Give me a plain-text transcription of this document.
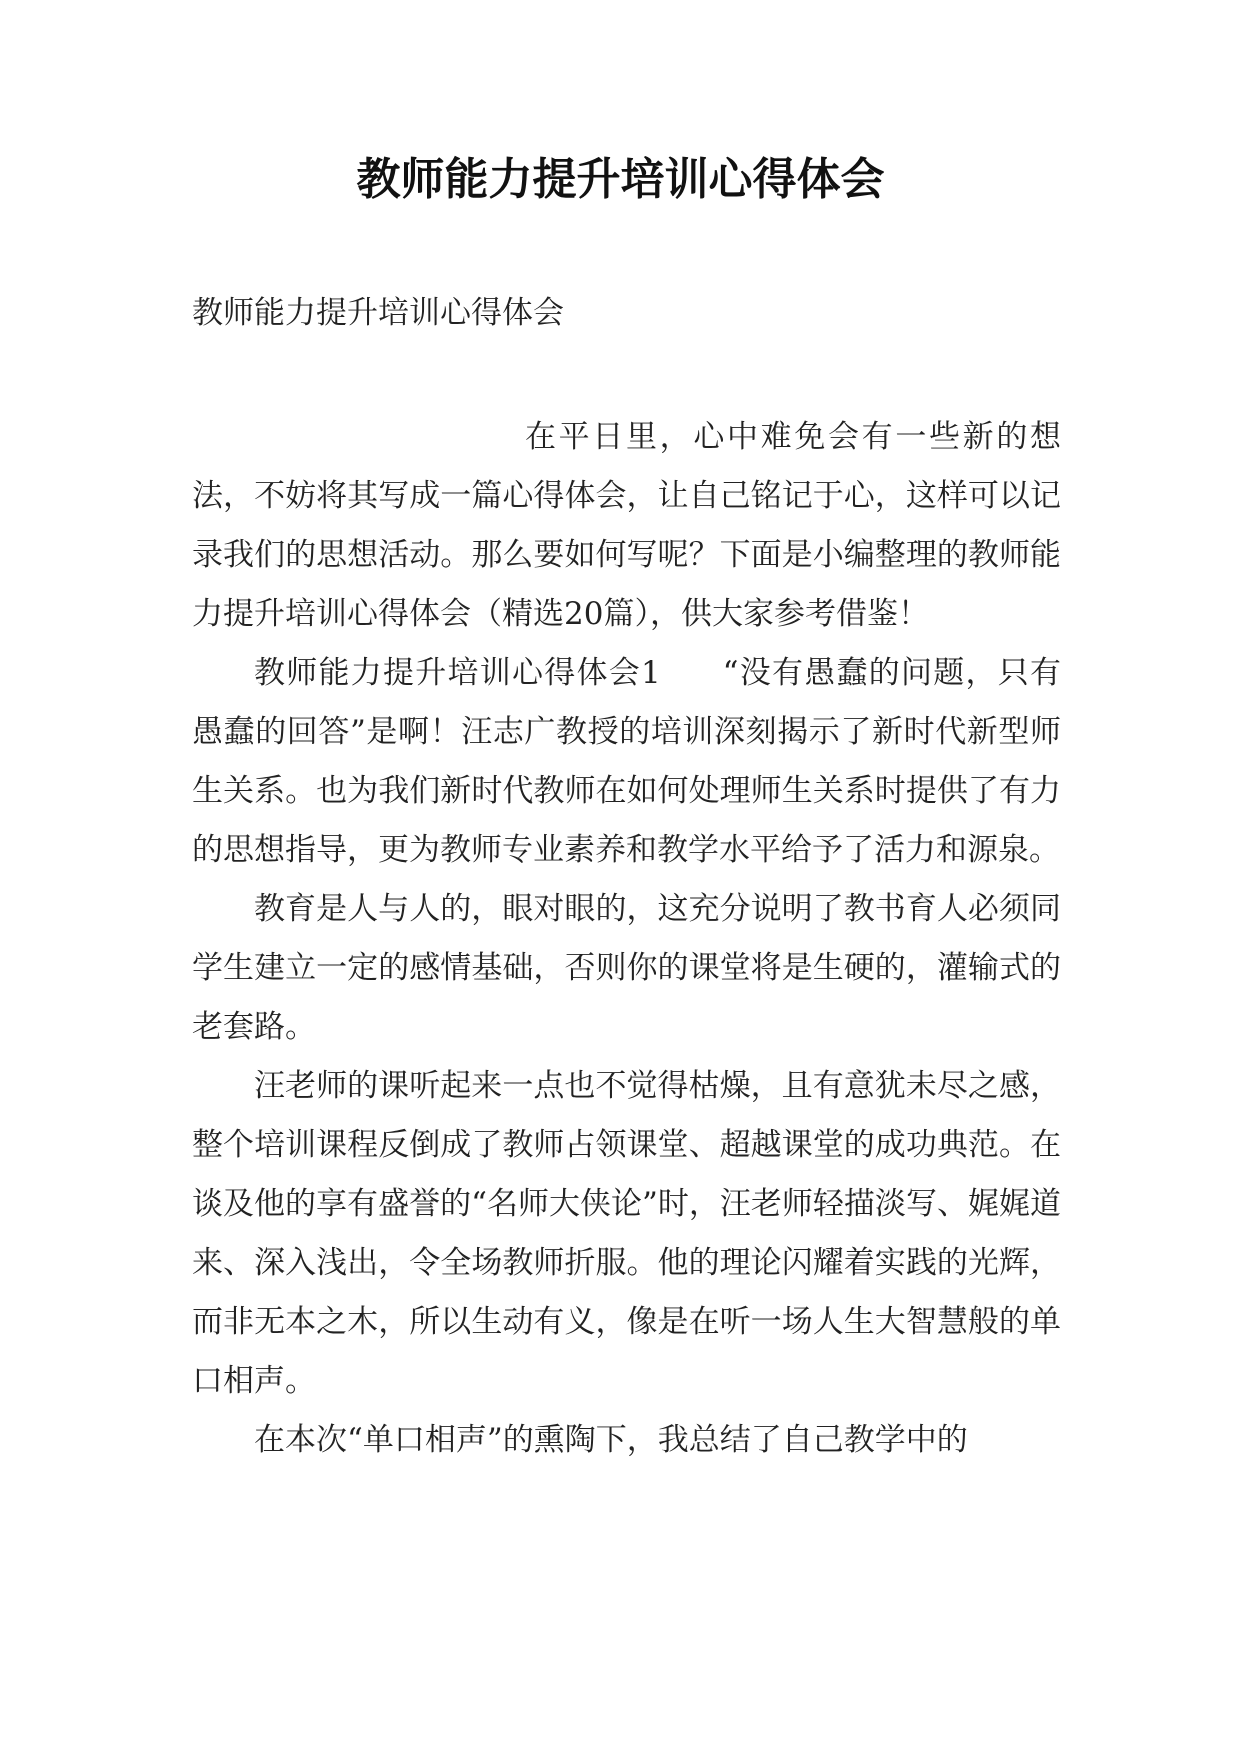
教师能力提升培训心得体会
教师能力提升培训心得体会

在平日里，心中难免会有一些新的想法，不妨将其写成一篇心得体会，让自己铭记于心，这样可以记录我们的思想活动。那么要如何写呢？下面是小编整理的教师能力提升培训心得体会（精选20篇），供大家参考借鉴！

教师能力提升培训心得体会1 “没有愚蠢的问题，只有愚蠢的回答”是啊！汪志广教授的培训深刻揭示了新时代新型师生关系。也为我们新时代教师在如何处理师生关系时提供了有力的思想指导，更为教师专业素养和教学水平给予了活力和源泉。

教育是人与人的，眼对眼的，这充分说明了教书育人必须同学生建立一定的感情基础，否则你的课堂将是生硬的，灌输式的老套路。

汪老师的课听起来一点也不觉得枯燥，且有意犹未尽之感，整个培训课程反倒成了教师占领课堂、超越课堂的成功典范。在谈及他的享有盛誉的“名师大侠论”时，汪老师轻描淡写、娓娓道来、深入浅出，令全场教师折服。他的理论闪耀着实践的光辉，而非无本之木，所以生动有义，像是在听一场人生大智慧般的单口相声。

在本次“单口相声”的熏陶下，我总结了自己教学中的
